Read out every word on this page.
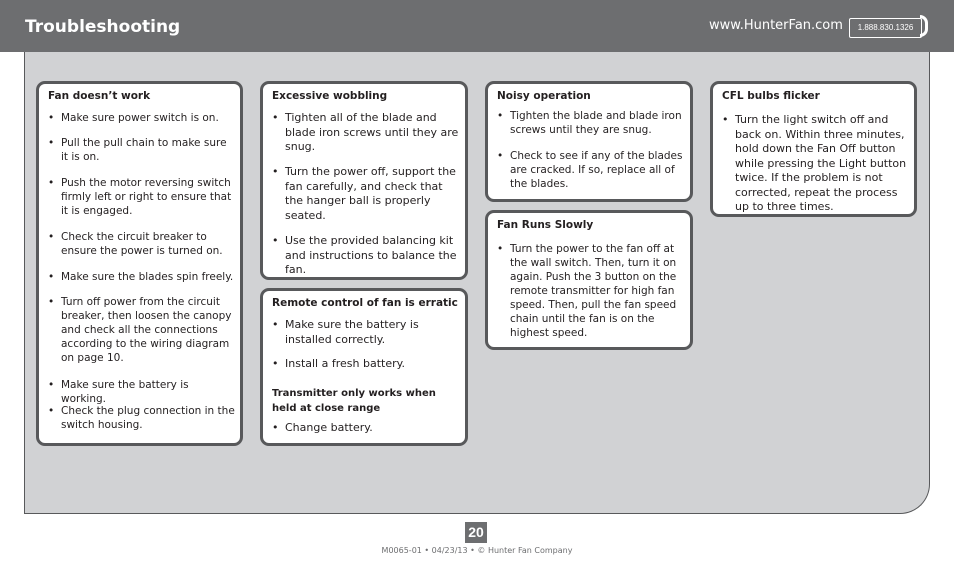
Troubleshooting	www.HunterFan.com	1.888.830.1326
Fan doesn’t work
• Make sure power switch is on.
• Pull the pull chain to make sure it is on.
• Push the motor reversing switch firmly left or right to ensure that it is engaged.
• Check the circuit breaker to ensure the power is turned on.
• Make sure the blades spin freely.
• Turn off power from the circuit breaker, then loosen the canopy and check all the connections according to the wiring diagram on page 10.
• Make sure the battery is working.
• Check the plug connection in the switch housing.
Excessive wobbling
• Tighten all of the blade and blade iron screws until they are snug.
• Turn the power off, support the fan carefully, and check that the hanger ball is properly seated.
• Use the provided balancing kit and instructions to balance the fan.
Remote control of fan is erratic
• Make sure the battery is installed correctly.
• Install a fresh battery.
Transmitter only works when held at close range
• Change battery.
Noisy operation
• Tighten the blade and blade iron screws until they are snug.
• Check to see if any of the blades are cracked. If so, replace all of the blades.
Fan Runs Slowly
• Turn the power to the fan off at the wall switch. Then, turn it on again. Push the 3 button on the remote transmitter for high fan speed. Then, pull the fan speed chain until the fan is on the highest speed.
CFL bulbs flicker
• Turn the light switch off and back on. Within three minutes, hold down the Fan Off button while pressing the Light button twice. If the problem is not corrected, repeat the process up to three times.
20
M0065-01 • 04/23/13 • © Hunter Fan Company
